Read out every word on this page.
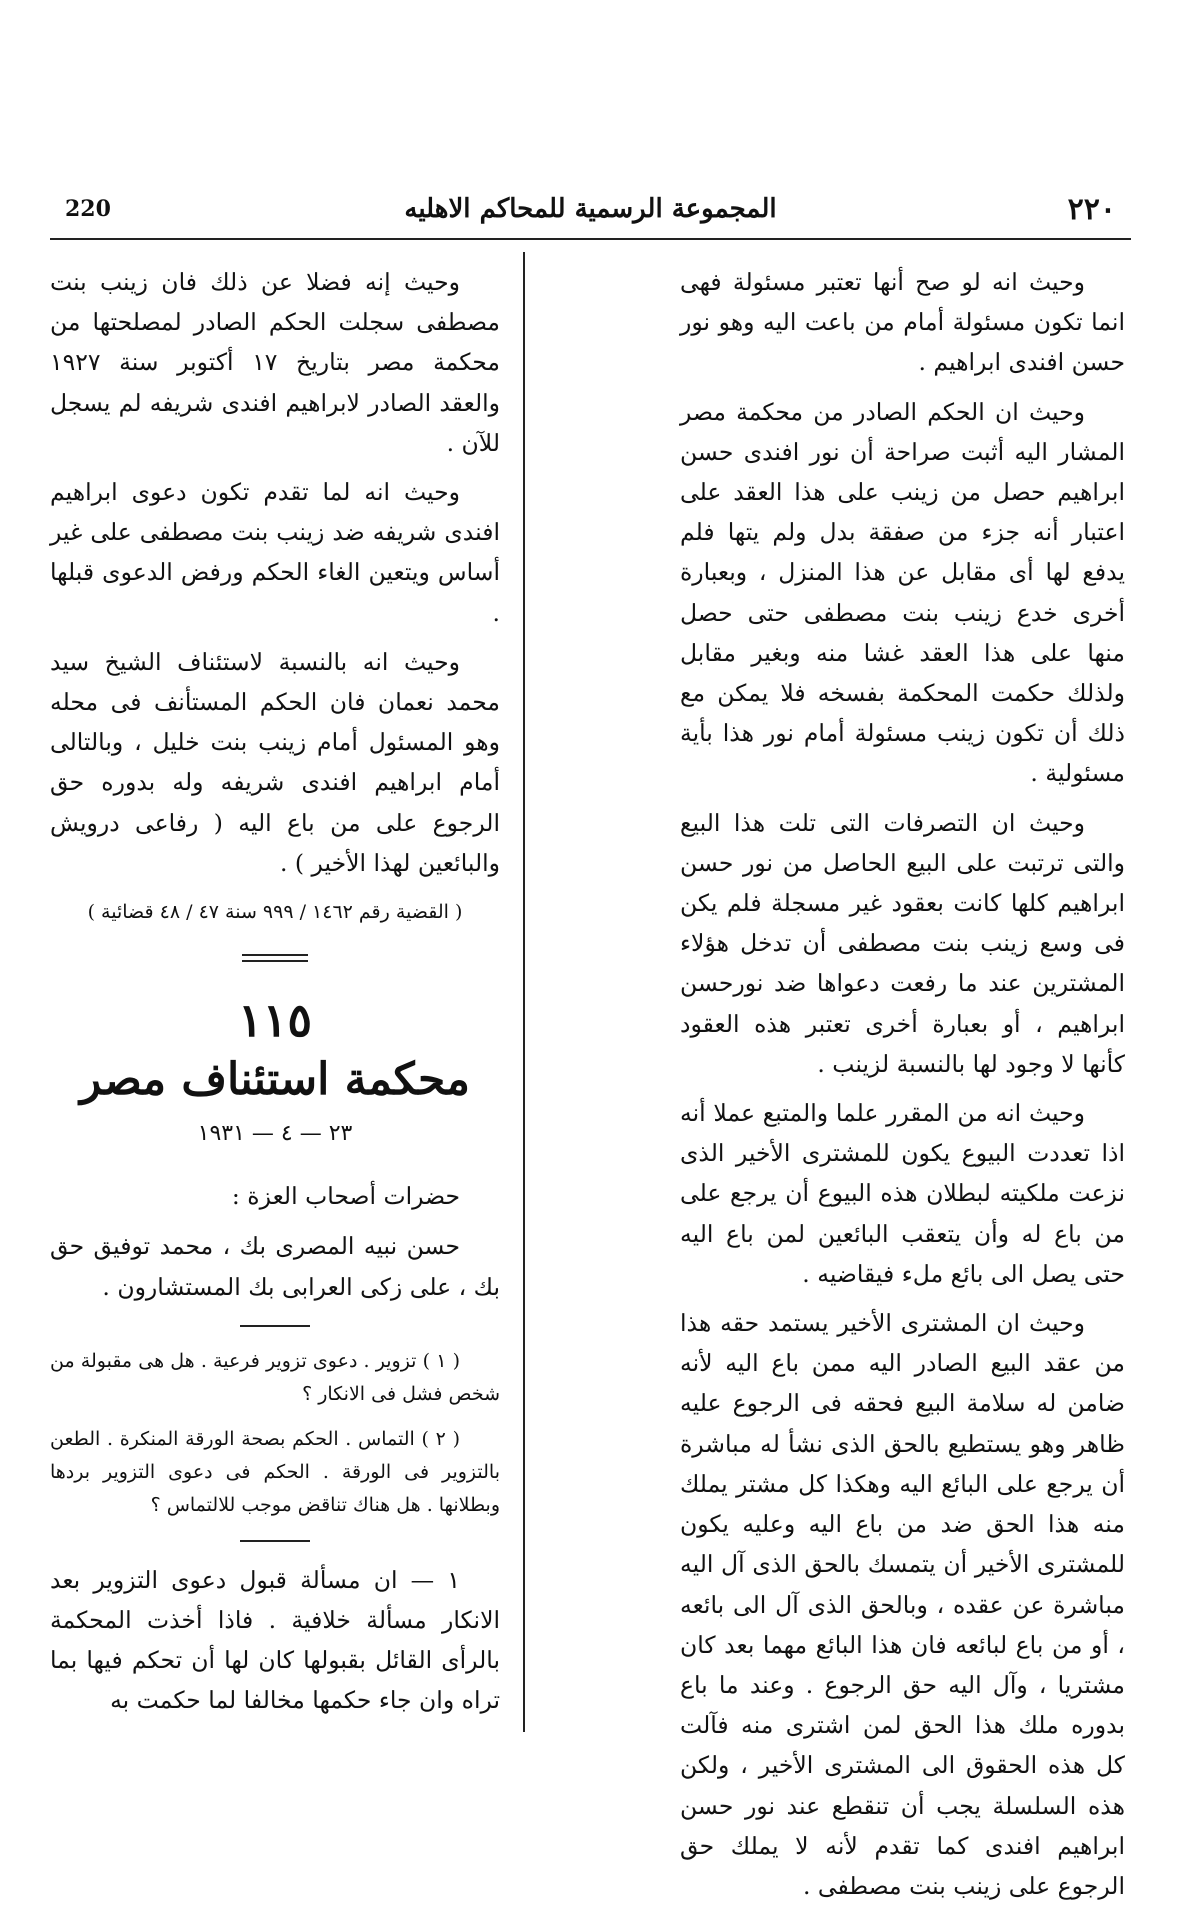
٢٢٠
المجموعة الرسمية للمحاكم الاهليه
220

وحيث انه لو صح أنها تعتبر مسئولة فهى انما تكون مسئولة أمام من باعت اليه وهو نور حسن افندى ابراهيم .

وحيث ان الحكم الصادر من محكمة مصر المشار اليه أثبت صراحة أن نور افندى حسن ابراهيم حصل من زينب على هذا العقد على اعتبار أنه جزء من صفقة بدل ولم يتها فلم يدفع لها أى مقابل عن هذا المنزل ، وبعبارة أخرى خدع زينب بنت مصطفى حتى حصل منها على هذا العقد غشا منه وبغير مقابل ولذلك حكمت المحكمة بفسخه فلا يمكن مع ذلك أن تكون زينب مسئولة أمام نور هذا بأية مسئولية .

وحيث ان التصرفات التى تلت هذا البيع والتى ترتبت على البيع الحاصل من نور حسن ابراهيم كلها كانت بعقود غير مسجلة فلم يكن فى وسع زينب بنت مصطفى أن تدخل هؤلاء المشترين عند ما رفعت دعواها ضد نورحسن ابراهيم ، أو بعبارة أخرى تعتبر هذه العقود كأنها لا وجود لها بالنسبة لزينب .

وحيث انه من المقرر علما والمتبع عملا أنه اذا تعددت البيوع يكون للمشترى الأخير الذى نزعت ملكيته لبطلان هذه البيوع أن يرجع على من باع له وأن يتعقب البائعين لمن باع اليه حتى يصل الى بائع ملء فيقاضيه .

وحيث ان المشترى الأخير يستمد حقه هذا من عقد البيع الصادر اليه ممن باع اليه لأنه ضامن له سلامة البيع فحقه فى الرجوع عليه ظاهر وهو يستطيع بالحق الذى نشأ له مباشرة أن يرجع على البائع اليه وهكذا كل مشتر يملك منه هذا الحق ضد من باع اليه وعليه يكون للمشترى الأخير أن يتمسك بالحق الذى آل اليه مباشرة عن عقده ، وبالحق الذى آل الى بائعه ، أو من باع لبائعه فان هذا البائع مهما بعد كان مشتريا ، وآل اليه حق الرجوع . وعند ما باع بدوره ملك هذا الحق لمن اشترى منه فآلت كل هذه الحقوق الى المشترى الأخير ، ولكن هذه السلسلة يجب أن تنقطع عند نور حسن ابراهيم افندى كما تقدم لأنه لا يملك حق الرجوع على زينب بنت مصطفى .

وحيث إنه فضلا عن ذلك فان زينب بنت مصطفى سجلت الحكم الصادر لمصلحتها من محكمة مصر بتاريخ ١٧ أكتوبر سنة ١٩٢٧ والعقد الصادر لابراهيم افندى شريفه لم يسجل للآن .

وحيث انه لما تقدم تكون دعوى ابراهيم افندى شريفه ضد زينب بنت مصطفى على غير أساس ويتعين الغاء الحكم ورفض الدعوى قبلها .

وحيث انه بالنسبة لاستئناف الشيخ سيد محمد نعمان فان الحكم المستأنف فى محله وهو المسئول أمام زينب بنت خليل ، وبالتالى أمام ابراهيم افندى شريفه وله بدوره حق الرجوع على من باع اليه ( رفاعى درويش والبائعين لهذا الأخير ) .

( القضية رقم ١٤٦٢ / ٩٩٩ سنة ٤٧ / ٤٨ قضائية )
١١٥
محكمة استئناف مصر
٢٣ — ٤ — ١٩٣١
حضرات أصحاب العزة :
حسن نبيه المصرى بك ، محمد توفيق حق بك ، على زكى العرابى بك المستشارون .

( ١ ) تزوير . دعوى تزوير فرعية . هل هى مقبولة من شخص فشل فى الانكار ؟

( ٢ ) التماس . الحكم بصحة الورقة المنكرة . الطعن بالتزوير فى الورقة . الحكم فى دعوى التزوير بردها وبطلانها . هل هناك تناقض موجب للالتماس ؟

١ — ان مسألة قبول دعوى التزوير بعد الانكار مسألة خلافية . فاذا أخذت المحكمة بالرأى القائل بقبولها كان لها أن تحكم فيها بما تراه وان جاء حكمها مخالفا لما حكمت به
